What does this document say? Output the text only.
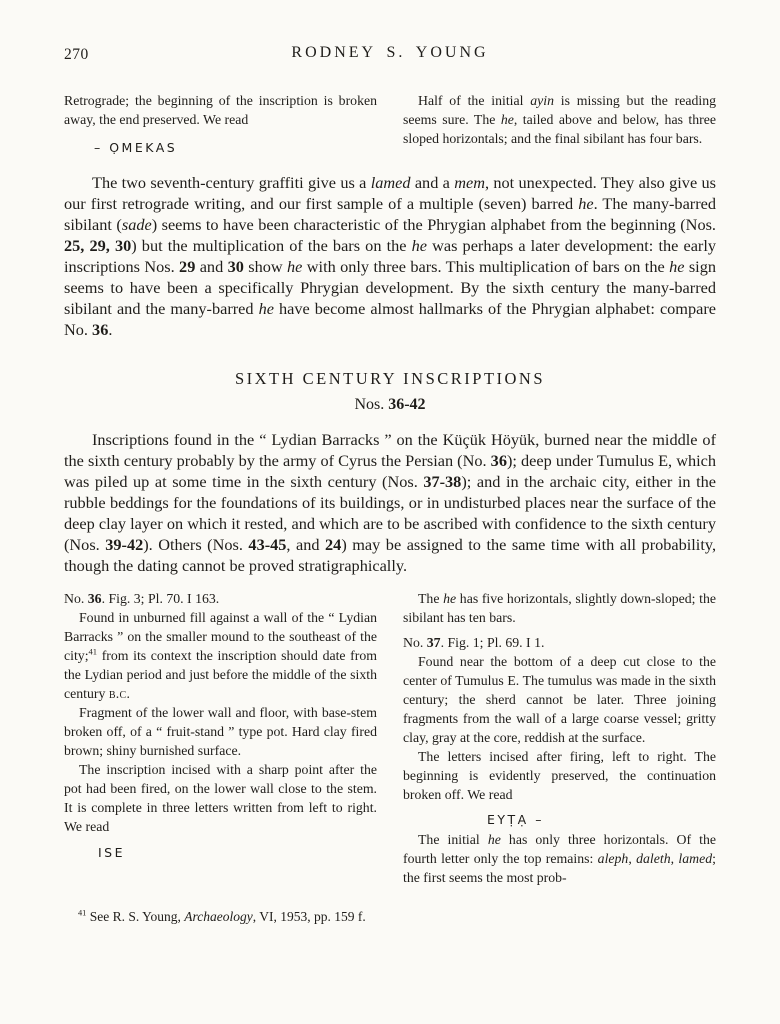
270	RODNEY S. YOUNG

Retrograde; the beginning of the inscription is broken away, the end preserved. We read

– ỌMEKAS

Half of the initial ayin is missing but the reading seems sure. The he, tailed above and below, has three sloped horizontals; and the final sibilant has four bars.

The two seventh-century graffiti give us a lamed and a mem, not unexpected. They also give us our first retrograde writing, and our first sample of a multiple (seven) barred he. The many-barred sibilant (sade) seems to have been characteristic of the Phrygian alphabet from the beginning (Nos. 25, 29, 30) but the multiplication of the bars on the he was perhaps a later development: the early inscriptions Nos. 29 and 30 show he with only three bars. This multiplication of bars on the he sign seems to have been a specifically Phrygian development. By the sixth century the many-barred sibilant and the many-barred he have become almost hallmarks of the Phrygian alphabet: compare No. 36.

SIXTH CENTURY INSCRIPTIONS

Nos. 36-42

Inscriptions found in the “ Lydian Barracks ” on the Küçük Höyük, burned near the middle of the sixth century probably by the army of Cyrus the Persian (No. 36); deep under Tumulus E, which was piled up at some time in the sixth century (Nos. 37-38); and in the archaic city, either in the rubble beddings for the foundations of its buildings, or in undisturbed places near the surface of the deep clay layer on which it rested, and which are to be ascribed with confidence to the sixth century (Nos. 39-42). Others (Nos. 43-45, and 24) may be assigned to the same time with all probability, though the dating cannot be proved stratigraphically.

No. 36. Fig. 3; Pl. 70. I 163.

Found in unburned fill against a wall of the “ Lydian Barracks ” on the smaller mound to the southeast of the city;$^{41}$ from its context the inscription should date from the Lydian period and just before the middle of the sixth century b.c.

Fragment of the lower wall and floor, with base-stem broken off, of a “ fruit-stand ” type pot. Hard clay fired brown; shiny burnished surface.

The inscription incised with a sharp point after the pot had been fired, on the lower wall close to the stem. It is complete in three letters written from left to right. We read

ISE

The he has five horizontals, slightly down-sloped; the sibilant has ten bars.

No. 37. Fig. 1; Pl. 69. I 1.

Found near the bottom of a deep cut close to the center of Tumulus E. The tumulus was made in the sixth century; the sherd cannot be later. Three joining fragments from the wall of a large coarse vessel; gritty clay, gray at the core, reddish at the surface.

The letters incised after firing, left to right. The beginning is evidently preserved, the continuation broken off. We read

EYṬẠ –

The initial he has only three horizontals. Of the fourth letter only the top remains: aleph, daleth, lamed; the first seems the most prob-

$^{41}$ See R. S. Young, Archaeology, VI, 1953, pp. 159 f.
